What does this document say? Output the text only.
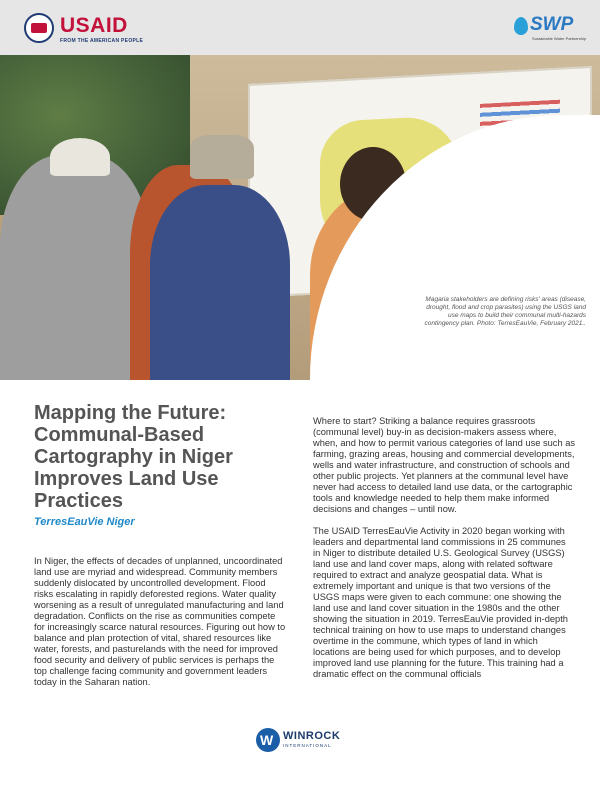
USAID
FROM THE AMERICAN PEOPLE
SWP
Sustainable Water Partnership
Magaria stakeholders are defining risks' areas (disease, drought, flood and crop parasites) using the USGS land use maps to build their communal multi-hazards contingency plan. Photo: TerresEauVie, February 2021..
Mapping the Future: Communal-Based Cartography in Niger Improves Land Use Practices
TerresEauVie Niger
In Niger, the effects of decades of unplanned, uncoordinated land use are myriad and widespread. Community members suddenly dislocated by uncontrolled development. Flood risks escalating in rapidly deforested regions. Water quality worsening as a result of unregulated manufacturing and land degradation. Conflicts on the rise as communities compete for increasingly scarce natural resources. Figuring out how to balance and plan protection of vital, shared resources like water, forests, and pasturelands with the need for improved food security and delivery of public services is perhaps the top challenge facing community and government leaders today in the Saharan nation.

Where to start? Striking a balance requires grassroots (communal level) buy-in as decision-makers assess where, when, and how to permit various categories of land use such as farming, grazing areas, housing and commercial developments, wells and water infrastructure, and construction of schools and other public projects. Yet planners at the communal level have never had access to detailed land use data, or the cartographic tools and knowledge needed to help them make informed decisions and changes – until now.

The USAID TerresEauVie Activity in 2020 began working with leaders and departmental land commissions in 25 communes in Niger to distribute detailed U.S. Geological Survey (USGS) land use and land cover maps, along with related software required to extract and analyze geospatial data. What is extremely important and unique is that two versions of the USGS maps were given to each commune: one showing the land use and land cover situation in the 1980s and the other showing the situation in 2019. TerresEauVie provided in-depth technical training on how to use maps to understand changes overtime in the commune, which types of land in which locations are being used for which purposes, and to develop improved land use planning for the future. This training had a dramatic effect on the communal officials

W
WINROCK
INTERNATIONAL
